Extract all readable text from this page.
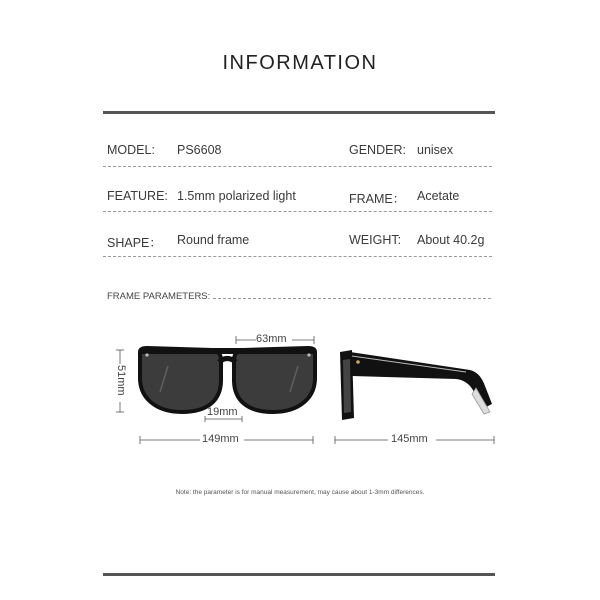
INFORMATION
MODEL: PS6608	GENDER: unisex
FEATURE: 1.5mm polarized light	FRAME： Acetate
SHAPE： Round frame	WEIGHT: About 40.2g
FRAME PARAMETERS:
63mm
19mm
149mm
51mm
145mm
Note: the parameter is for manual measurement, may cause about 1-3mm differences.
